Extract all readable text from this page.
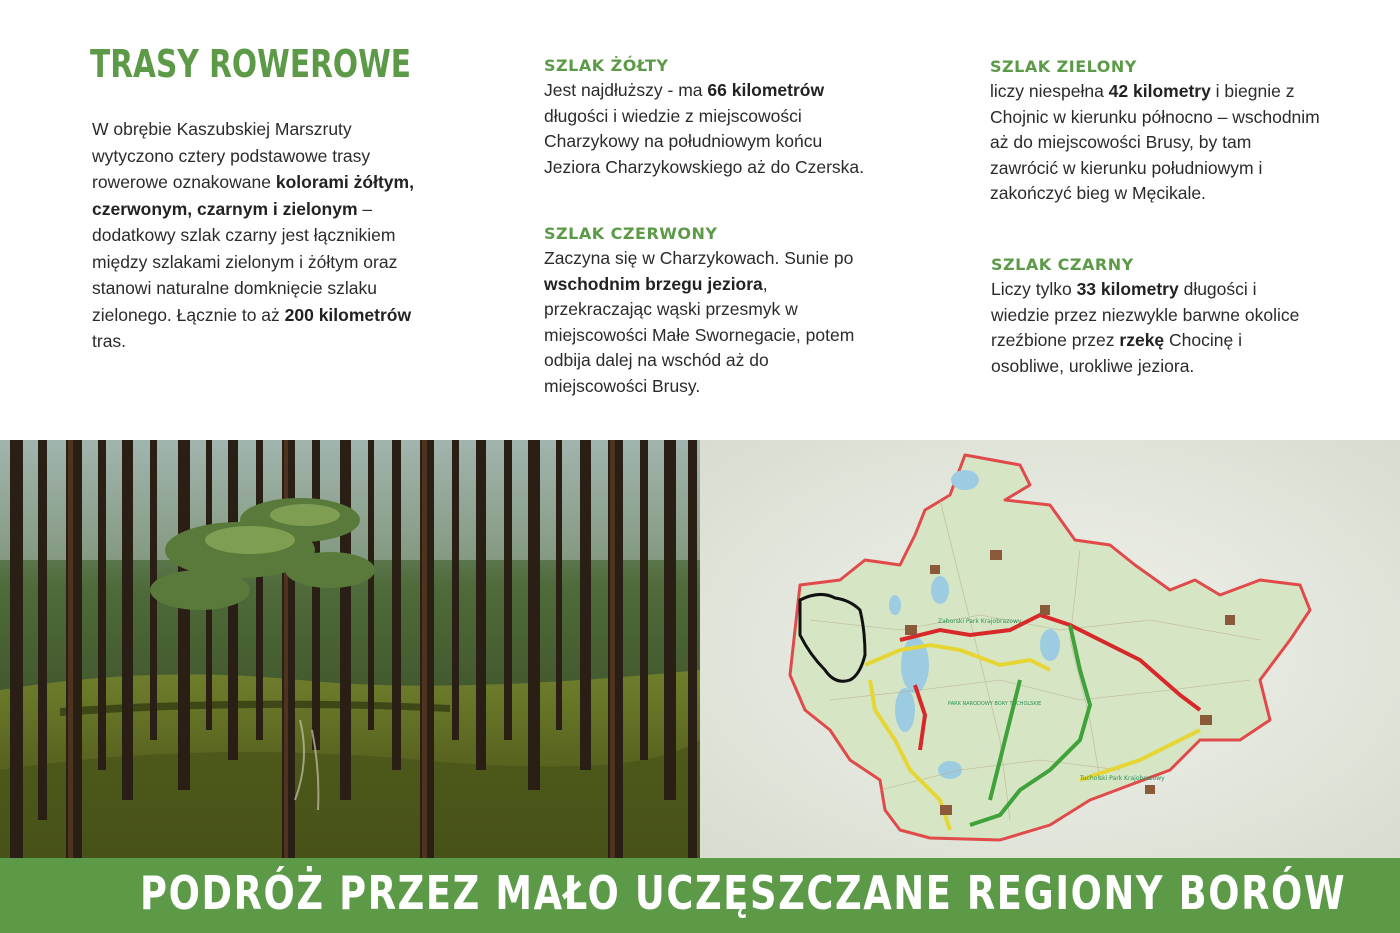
TRASY ROWEROWE
W obrębie Kaszubskiej Marszruty wytyczono cztery podstawowe trasy rowerowe oznakowane kolorami żółtym, czerwonym, czarnym i zielonym – dodatkowy szlak czarny jest łącznikiem między szlakami zielonym i żółtym oraz stanowi naturalne domknięcie szlaku zielonego. Łącznie to aż 200 kilometrów tras.
SZLAK ŻÓŁTY

Jest najdłuższy - ma 66 kilometrów długości i wiedzie z miejscowości Charzykowy na południowym końcu Jeziora Charzykowskiego aż do Czerska.

SZLAK CZERWONY

Zaczyna się w Charzykowach. Sunie po wschodnim brzegu jeziora, przekraczając wąski przesmyk w miejscowości Małe Swornegacie, potem odbija dalej na wschód aż do miejscowości Brusy.

SZLAK ZIELONY

liczy niespełna 42 kilometry i biegnie z Chojnic w kierunku północno – wschodnim aż do miejscowości Brusy, by tam zawrócić w kierunku południowym i zakończyć bieg w Męcikale.

SZLAK CZARNY

Liczy tylko 33 kilometry długości i wiedzie przez niezwykle barwne okolice rzeźbione przez rzekę Chocinę i osobliwe, urokliwe jeziora.

Zaborski Park Krajobrazowy
PARK NARODOWY BORY TUCHOLSKIE
Tucholski Park Krajobrazowy
PODRÓŻ PRZEZ MAŁO UCZĘSZCZANE REGIONY BORÓW
